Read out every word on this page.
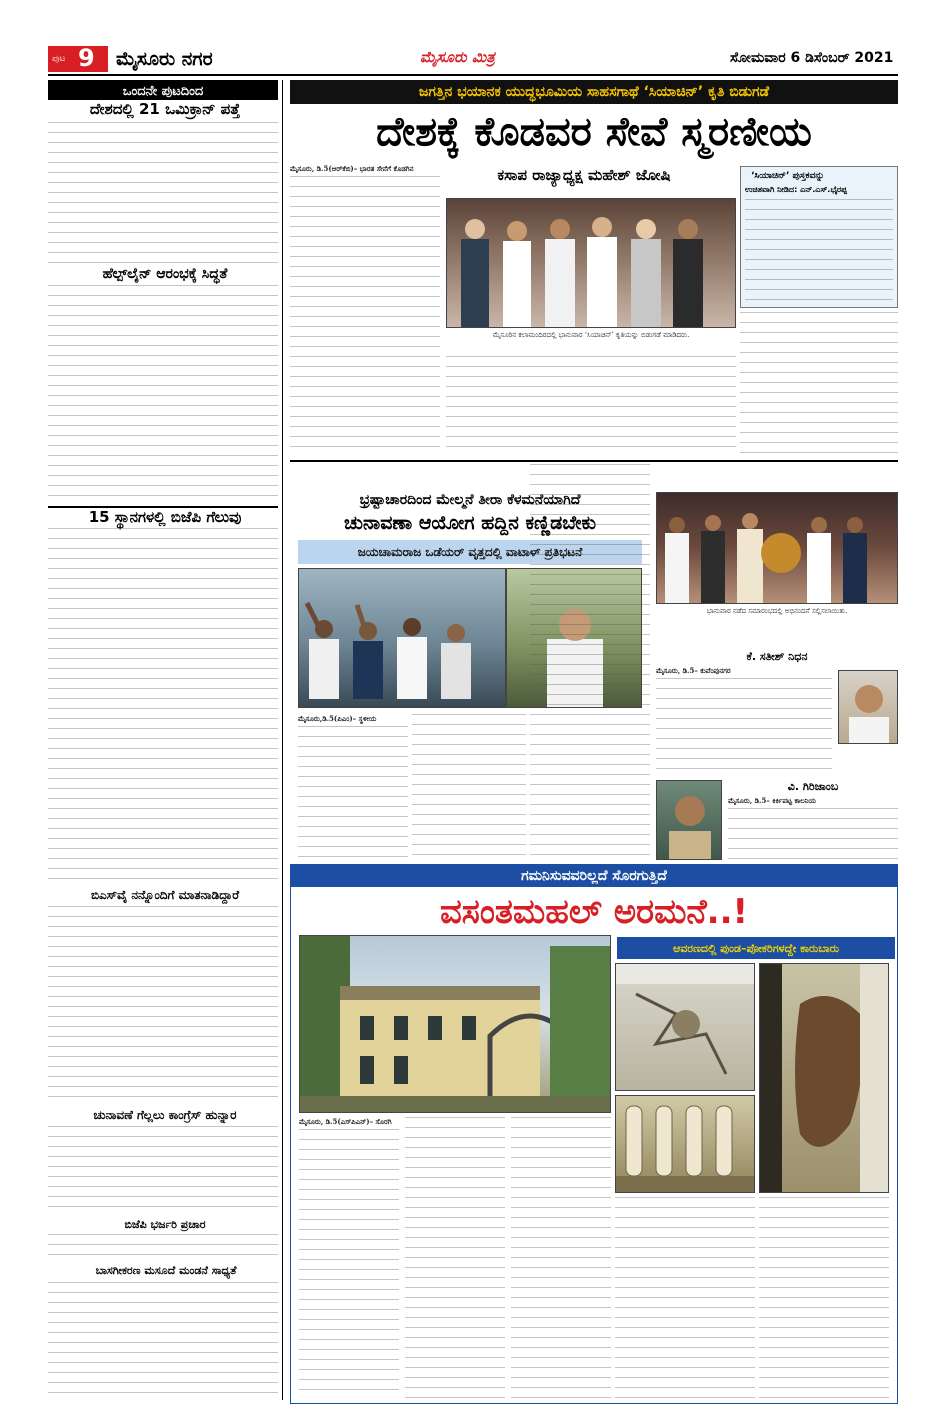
ಪುಟ 9 ಮೈಸೂರು ನಗರ	ಮೈಸೂರು ಮಿತ್ರ	ಸೋಮವಾರ 6 ಡಿಸೆಂಬರ್ 2021
ಒಂದನೇ ಪುಟದಿಂದ
ದೇಶದಲ್ಲಿ 21 ಒಮಿಕ್ರಾನ್ ಪತ್ತೆ
ಹೆಲ್ಪ್‌ಲೈನ್ ಆರಂಭಕ್ಕೆ ಸಿದ್ಧತೆ
15 ಸ್ಥಾನಗಳಲ್ಲಿ ಬಿಜೆಪಿ ಗೆಲುವು
ಬಿಎಸ್‌ವೈ ನನ್ನೊಂದಿಗೆ ಮಾತನಾಡಿದ್ದಾರೆ
ಚುನಾವಣೆ ಗೆಲ್ಲಲು ಕಾಂಗ್ರೆಸ್ ಹುನ್ನಾರ
ಬಿಜೆಪಿ ಭರ್ಜರಿ ಪ್ರಚಾರ
ಬಾಸಗೀಕರಣ ಮಸೂದೆ ಮಂಡನೆ ಸಾಧ್ಯತೆ
ಜಗತ್ತಿನ ಭಯಾನಕ ಯುದ್ಧಭೂಮಿಯ ಸಾಹಸಗಾಥೆ ‘ಸಿಯಾಚಿನ್’ ಕೃತಿ ಬಿಡುಗಡೆ
ದೇಶಕ್ಕೆ ಕೊಡವರ ಸೇವೆ ಸ್ಮರಣೀಯ
ಮೈಸೂರು, ಡಿ.5(ಆರ್‌ಕೆಬಿ)– ಭಾರತ ಸೇನೆಗೆ ಕೊಡಗಿನ	ಕಸಾಪ ರಾಜ್ಯಾಧ್ಯಕ್ಷ ಮಹೇಶ್ ಜೋಷಿ
ಮೈಸೂರಿನ ಕಲಾಮಂದಿರದಲ್ಲಿ ಭಾನುವಾರ ‘ಸಿಯಾಚಿನ್’ ಕೃತಿಯನ್ನು ಬಿಡುಗಡೆ ಮಾಡಿದರು.
‘ಸಿಯಾಚಿನ್’ ಪುಸ್ತಕವನ್ನು
ಉಚಿತವಾಗಿ ನೀಡಿದ: ಎನ್.ಎಸ್.ಭೈರಪ್ಪ
ಭ್ರಷ್ಟಾಚಾರದಿಂದ ಮೇಲ್ಮನೆ ತೀರಾ ಕೆಳಮನೆಯಾಗಿದೆ
ಚುನಾವಣಾ ಆಯೋಗ ಹದ್ದಿನ ಕಣ್ಣಿಡಬೇಕು
ಜಯಚಾಮರಾಜ ಒಡೆಯರ್ ವೃತ್ತದಲ್ಲಿ ವಾಟಾಳ್ ಪ್ರತಿಭಟನೆ
ಮೈಸೂರು,ಡಿ.5(ಪಿಎಂ)– ಸ್ಥಳೀಯ
ಭಾನುವಾರ ನಡೆದ ಸಮಾರಂಭದಲ್ಲಿ ಅಭಿನಂದನೆ ಸಲ್ಲಿಸಲಾಯಿತು.
ಕೆ. ಸತೀಶ್ ನಿಧನ
ಮೈಸೂರು, ಡಿ.5– ಕುವೆಂಪುನಗರ
ವಿ. ಗಿರಿಜಾಂಬ
ಮೈಸೂರು, ಡಿ.5– ಕಿರ್ಕಿಪಟ್ಟ ಕಾಲನಿಯ
ಗಮನಿಸುವವರಿಲ್ಲದೆ ಸೊರಗುತ್ತಿದೆ
ವಸಂತಮಹಲ್ ಅರಮನೆ..!
ಆವರಣದಲ್ಲಿ ಪುಂಡ–ಪೋಕರಿಗಳದ್ದೇ ಕಾರುಬಾರು
ಮೈಸೂರು, ಡಿ.5(ಎಸ್‌ಪಿಎನ್)– ಸೊರಗಿ
